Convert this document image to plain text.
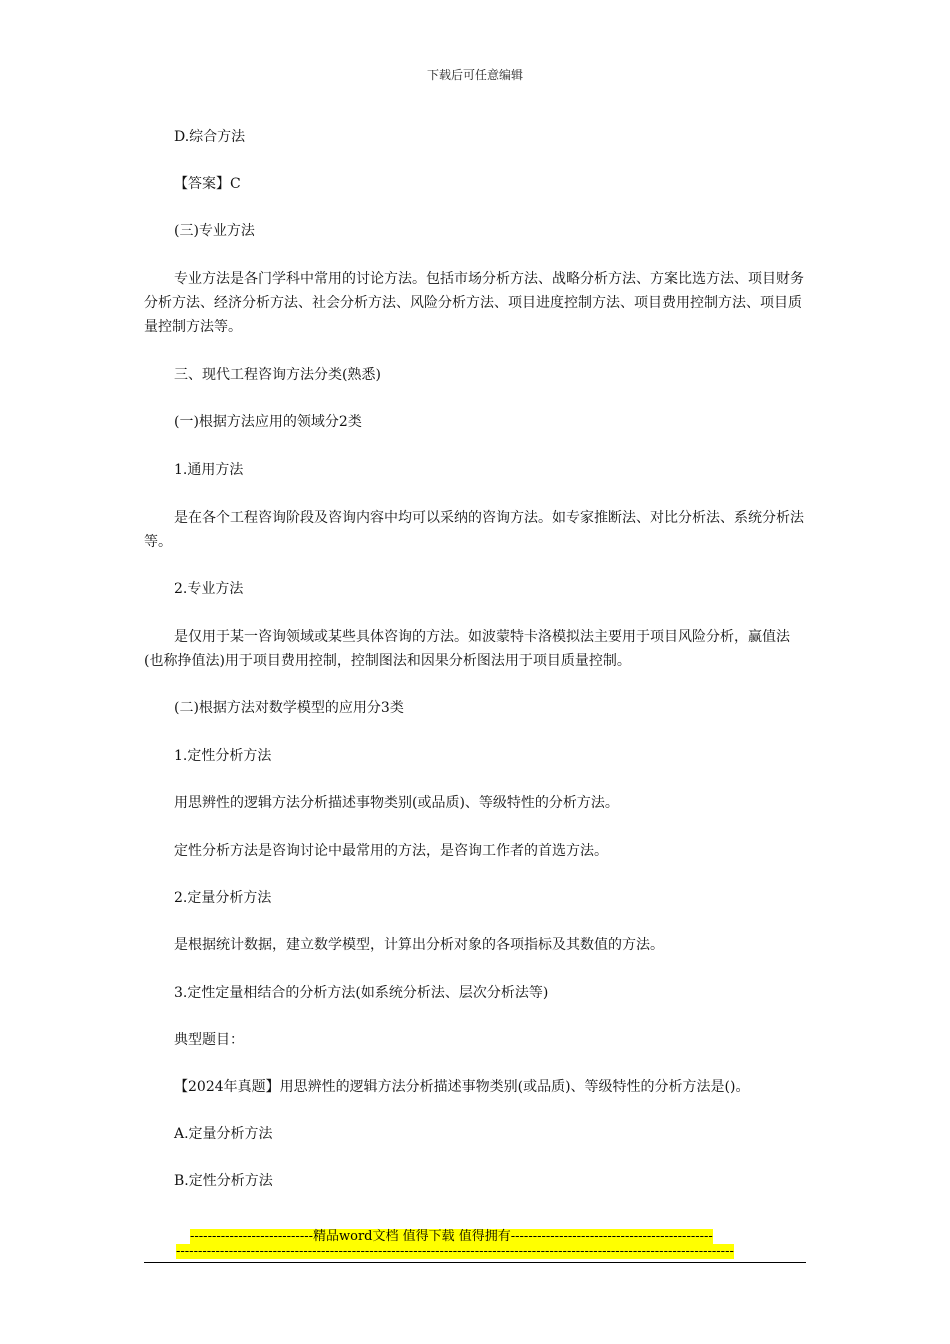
下载后可任意编辑
D.综合方法
【答案】C
(三)专业方法
专业方法是各门学科中常用的讨论方法。包括市场分析方法、战略分析方法、方案比选方法、项目财务分析方法、经济分析方法、社会分析方法、风险分析方法、项目进度控制方法、项目费用控制方法、项目质量控制方法等。
三、现代工程咨询方法分类(熟悉)
(一)根据方法应用的领域分2类
1.通用方法
是在各个工程咨询阶段及咨询内容中均可以采纳的咨询方法。如专家推断法、对比分析法、系统分析法等。
2.专业方法
是仅用于某一咨询领域或某些具体咨询的方法。如波蒙特卡洛模拟法主要用于项目风险分析，赢值法(也称挣值法)用于项目费用控制，控制图法和因果分析图法用于项目质量控制。
(二)根据方法对数学模型的应用分3类
1.定性分析方法
用思辨性的逻辑方法分析描述事物类别(或品质)、等级特性的分析方法。
定性分析方法是咨询讨论中最常用的方法，是咨询工作者的首选方法。
2.定量分析方法
是根据统计数据，建立数学模型，计算出分析对象的各项指标及其数值的方法。
3.定性定量相结合的分析方法(如系统分析法、层次分析法等)
典型题目：
【2024年真题】用思辨性的逻辑方法分析描述事物类别(或品质)、等级特性的分析方法是()。
A.定量分析方法
B.定性分析方法
----------------------------精品word文档 值得下载 值得拥有----------------------------------------------
-------------------------------------------------------------------------------------------------------------------------------
